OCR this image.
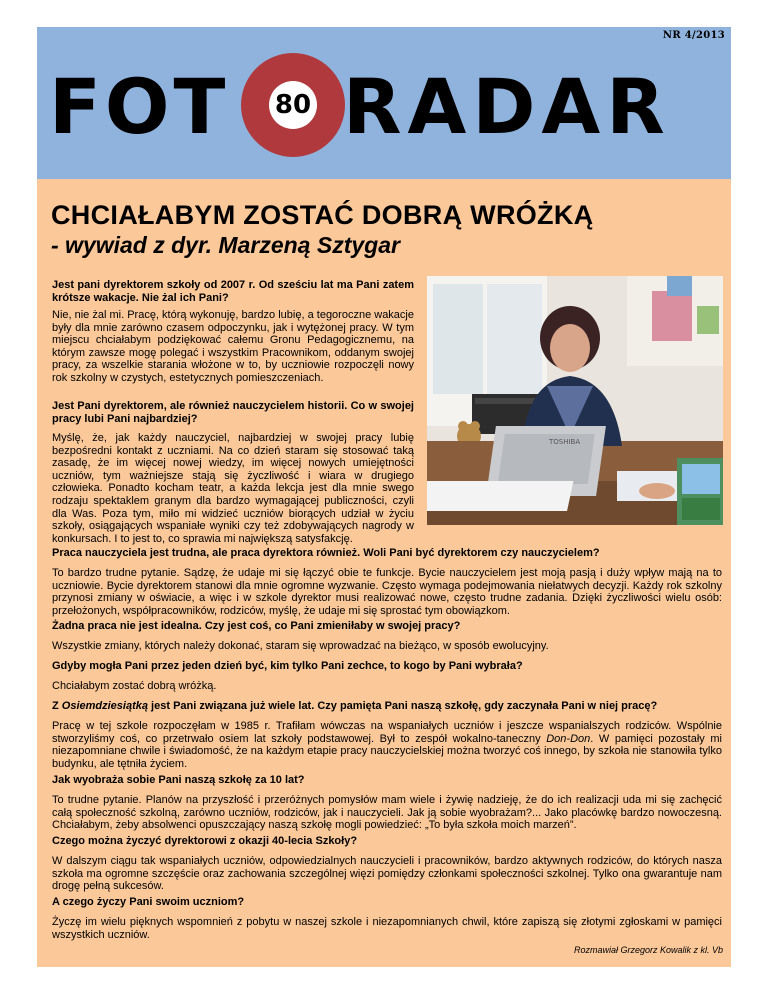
NR 4/2013
FOT 80 RADAR
CHCIAŁABYM ZOSTAĆ DOBRĄ WRÓŻKĄ
- wywiad z dyr. Marzeną Sztygar
TOSHIBA

Jest pani dyrektorem szkoły od 2007 r. Od sześciu lat ma Pani zatem krótsze wakacje. Nie żal ich Pani?

Nie, nie żal mi. Pracę, którą wykonuję, bardzo lubię, a tegoroczne wakacje były dla mnie zarówno czasem odpoczynku, jak i wytężonej pracy. W tym miejscu chciałabym podziękować całemu Gronu Pedagogicznemu, na którym zawsze mogę polegać i wszystkim Pracownikom, oddanym swojej pracy, za wszelkie starania włożone w to, by uczniowie rozpoczęli nowy rok szkolny w czystych, estetycznych pomieszczeniach.

Jest Pani dyrektorem, ale również nauczycielem historii. Co w swojej pracy lubi Pani najbardziej?

Myślę, że, jak każdy nauczyciel, najbardziej w swojej pracy lubię bezpośredni kontakt z uczniami. Na co dzień staram się stosować taką zasadę, że im więcej nowej wiedzy, im więcej nowych umiejętności uczniów, tym ważniejsze stają się życzliwość i wiara w drugiego człowieka. Ponadto kocham teatr, a każda lekcja jest dla mnie swego rodzaju spektaklem granym dla bardzo wymagającej publiczności, czyli dla Was. Poza tym, miło mi widzieć uczniów biorących udział w życiu szkoły, osiągających wspaniałe wyniki czy też zdobywających nagrody w konkursach. I to jest to, co sprawia mi największą satysfakcję.

Praca nauczyciela jest trudna, ale praca dyrektora również. Woli Pani być dyrektorem czy nauczycielem?

To bardzo trudne pytanie. Sądzę, że udaje mi się łączyć obie te funkcje. Bycie nauczycielem jest moją pasją i duży wpływ mają na to uczniowie. Bycie dyrektorem stanowi dla mnie ogromne wyzwanie. Często wymaga podejmowania niełatwych decyzji. Każdy rok szkolny przynosi zmiany w oświacie, a więc i w szkole dyrektor musi realizować nowe, często trudne zadania. Dzięki życzliwości wielu osób: przełożonych, współpracowników, rodziców, myślę, że udaje mi się sprostać tym obowiązkom.

Żadna praca nie jest idealna. Czy jest coś, co Pani zmieniłaby w swojej pracy?

Wszystkie zmiany, których należy dokonać, staram się wprowadzać na bieżąco, w sposób ewolucyjny.

Gdyby mogła Pani przez jeden dzień być, kim tylko Pani zechce, to kogo by Pani wybrała?

Chciałabym zostać dobrą wróżką.

Z Osiemdziesiątką jest Pani związana już wiele lat. Czy pamięta Pani naszą szkołę, gdy zaczynała Pani w niej pracę?

Pracę w tej szkole rozpoczęłam w 1985 r. Trafiłam wówczas na wspaniałych uczniów i jeszcze wspanialszych rodziców. Wspólnie stworzyliśmy coś, co przetrwało osiem lat szkoły podstawowej. Był to zespół wokalno-taneczny Don-Don. W pamięci pozostały mi niezapomniane chwile i świadomość, że na każdym etapie pracy nauczycielskiej można tworzyć coś innego, by szkoła nie stanowiła tylko budynku, ale tętniła życiem.

Jak wyobraża sobie Pani naszą szkołę za 10 lat?

To trudne pytanie. Planów na przyszłość i przeróżnych pomysłów mam wiele i żywię nadzieję, że do ich realizacji uda mi się zachęcić całą społeczność szkolną, zarówno uczniów, rodziców, jak i nauczycieli. Jak ją sobie wyobrażam?... Jako placówkę bardzo nowoczesną. Chciałabym, żeby absolwenci opuszczający naszą szkołę mogli powiedzieć: „To była szkoła moich marzeń”.

Czego można życzyć dyrektorowi z okazji 40-lecia Szkoły?

W dalszym ciągu tak wspaniałych uczniów, odpowiedzialnych nauczycieli i pracowników, bardzo aktywnych rodziców, do których nasza szkoła ma ogromne szczęście oraz zachowania szczególnej więzi pomiędzy członkami społeczności szkolnej. Tylko ona gwarantuje nam drogę pełną sukcesów.

A czego życzy Pani swoim uczniom?

Życzę im wielu pięknych wspomnień z pobytu w naszej szkole i niezapomnianych chwil, które zapiszą się złotymi zgłoskami w pamięci wszystkich uczniów.

Rozmawiał Grzegorz Kowalik z kl. Vb
